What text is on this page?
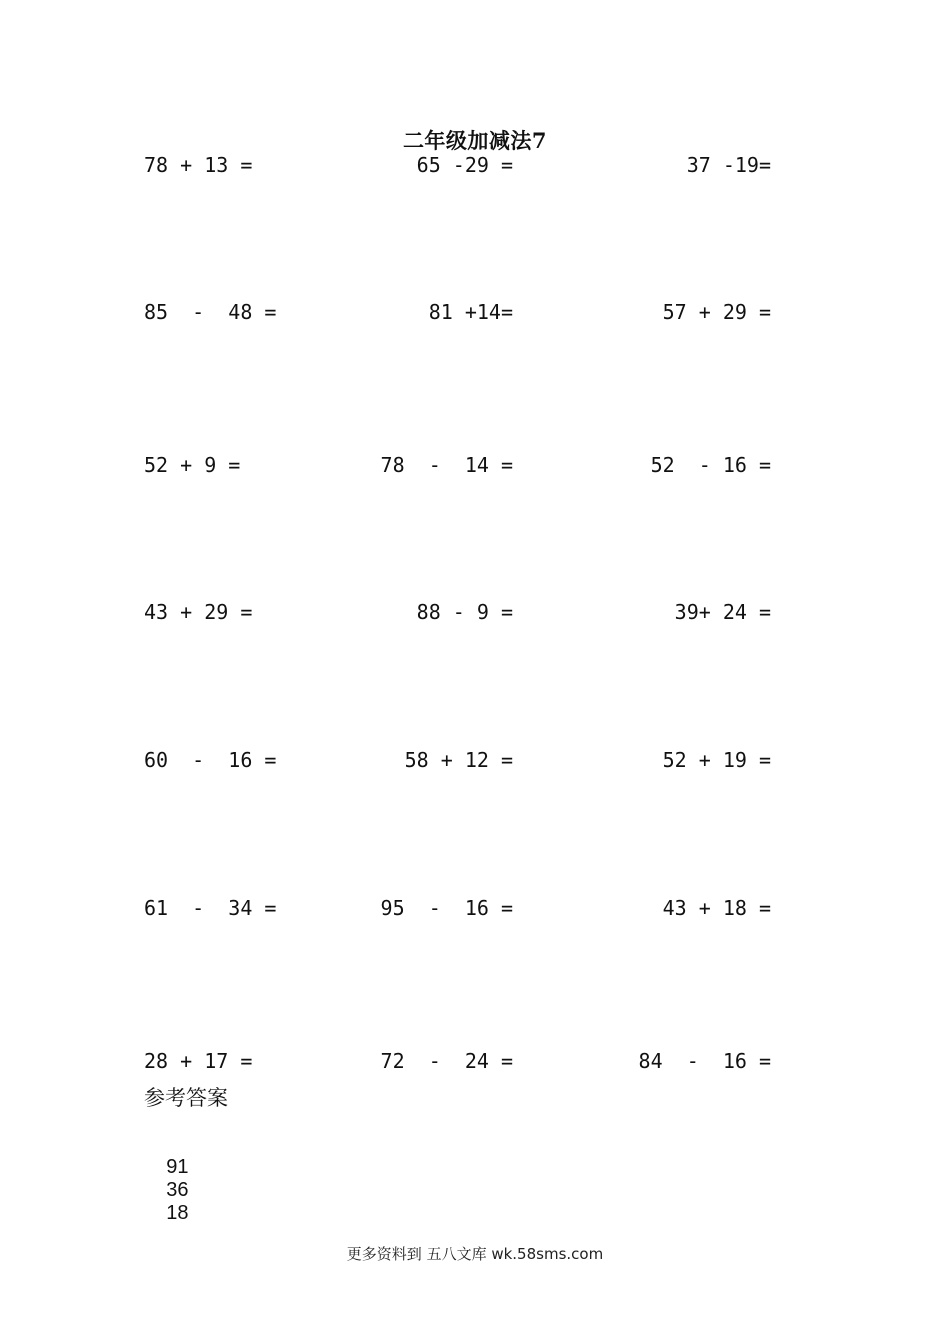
二年级加减法7
78 + 13 =	65 -29 =	37 -19=
85  -  48 =	81 +14=	57 + 29 =
52 + 9 =	78  -  14 =	52  - 16 =
43 + 29 =	88 - 9 =	39+ 24 =
60  -  16 =	58 + 12 =	52 + 19 =
61  -  34 =	95  -  16 =	43 + 18 =
28 + 17 =	72  -  24 =	84  -  16 =
参考答案

91
36
18

更多资料到 五八文库 wk.58sms.com
